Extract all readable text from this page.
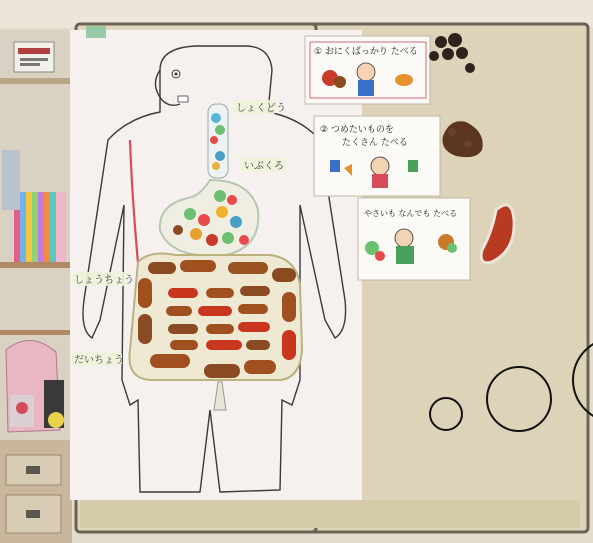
しょくどう
いぶくろ
しょうちょう
だいちょう
① おにくばっかり たべる
② つめたいものを
たくさん たべる
やさいも なんでも たべる
